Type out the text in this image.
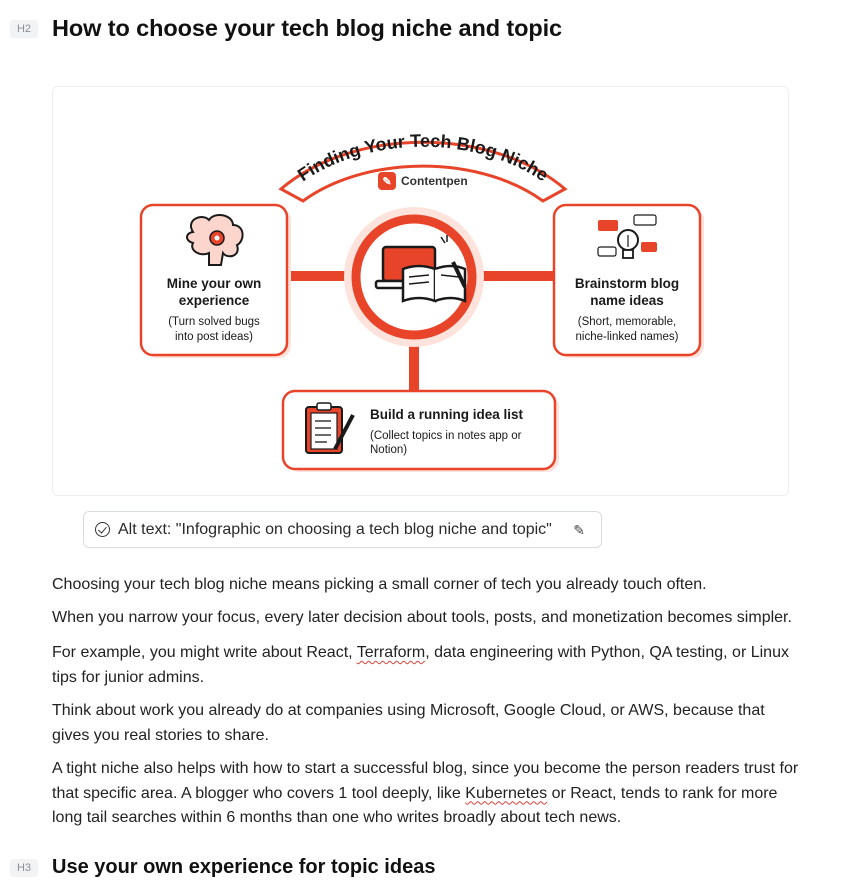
H2 How to choose your tech blog niche and topic
Finding Your Tech Blog Niche
✎ Contentpen
Mine your own
experience
(Turn solved bugs
into post ideas)
Brainstorm blog
name ideas
(Short, memorable,
niche-linked names)
Build a running idea list
(Collect topics in notes app or
Notion)
Alt text: "Infographic on choosing a tech blog niche and topic" ✎

Choosing your tech blog niche means picking a small corner of tech you already touch often.

When you narrow your focus, every later decision about tools, posts, and monetization becomes simpler.

For example, you might write about React, Terraform, data engineering with Python, QA testing, or Linux tips for junior admins.

Think about work you already do at companies using Microsoft, Google Cloud, or AWS, because that gives you real stories to share.

A tight niche also helps with how to start a successful blog, since you become the person readers trust for that specific area. A blogger who covers 1 tool deeply, like Kubernetes or React, tends to rank for more long tail searches within 6 months than one who writes broadly about tech news.

H3	Use your own experience for topic ideas
